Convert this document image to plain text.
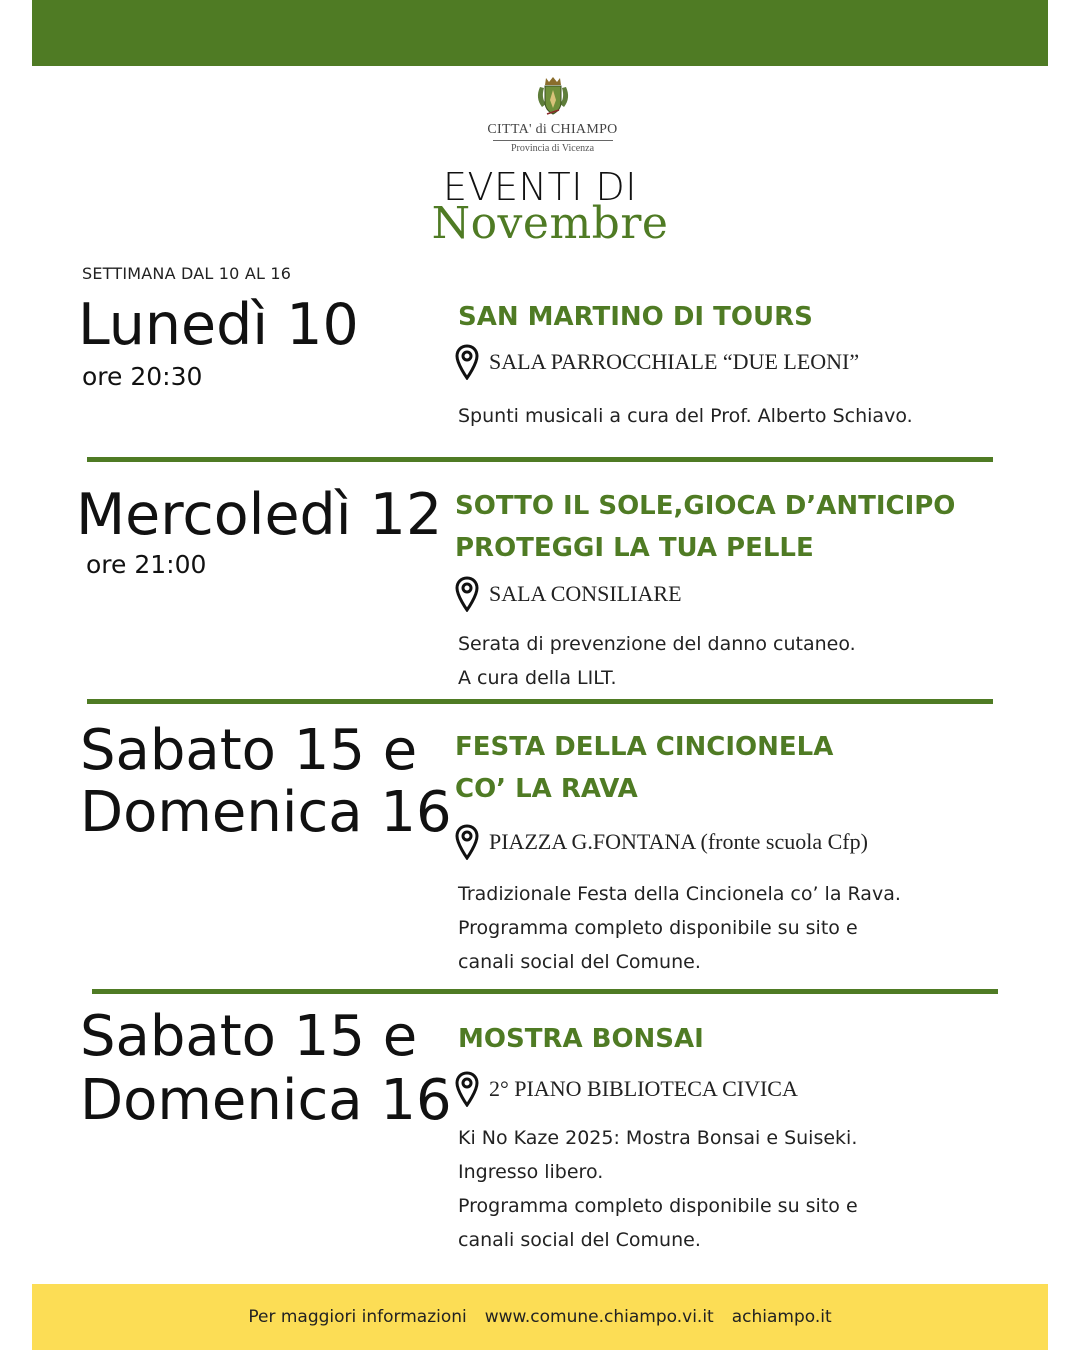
CITTA' di CHIAMPO
Provincia di Vicenza
EVENTI DI
Novembre
SETTIMANA DAL 10 AL 16
Lunedì 10
ore 20:30
SAN MARTINO DI TOURS
SALA PARROCCHIALE “DUE LEONI”
Spunti musicali a cura del Prof. Alberto Schiavo.
Mercoledì 12
ore 21:00
SOTTO IL SOLE,GIOCA D’ANTICIPO
PROTEGGI LA TUA PELLE
SALA CONSILIARE
Serata di prevenzione del danno cutaneo.
A cura della LILT.
Sabato 15 e
Domenica 16
FESTA DELLA CINCIONELA
CO’ LA RAVA
PIAZZA G.FONTANA (fronte scuola Cfp)
Tradizionale Festa della Cincionela co’ la Rava.
Programma completo disponibile su sito e
canali social del Comune.
Sabato 15 e
Domenica 16
MOSTRA BONSAI
2° PIANO BIBLIOTECA CIVICA
Ki No Kaze 2025: Mostra Bonsai e Suiseki.
Ingresso libero.
Programma completo disponibile su sito e
canali social del Comune.
Per maggiori informazioni www.comune.chiampo.vi.it achiampo.it
